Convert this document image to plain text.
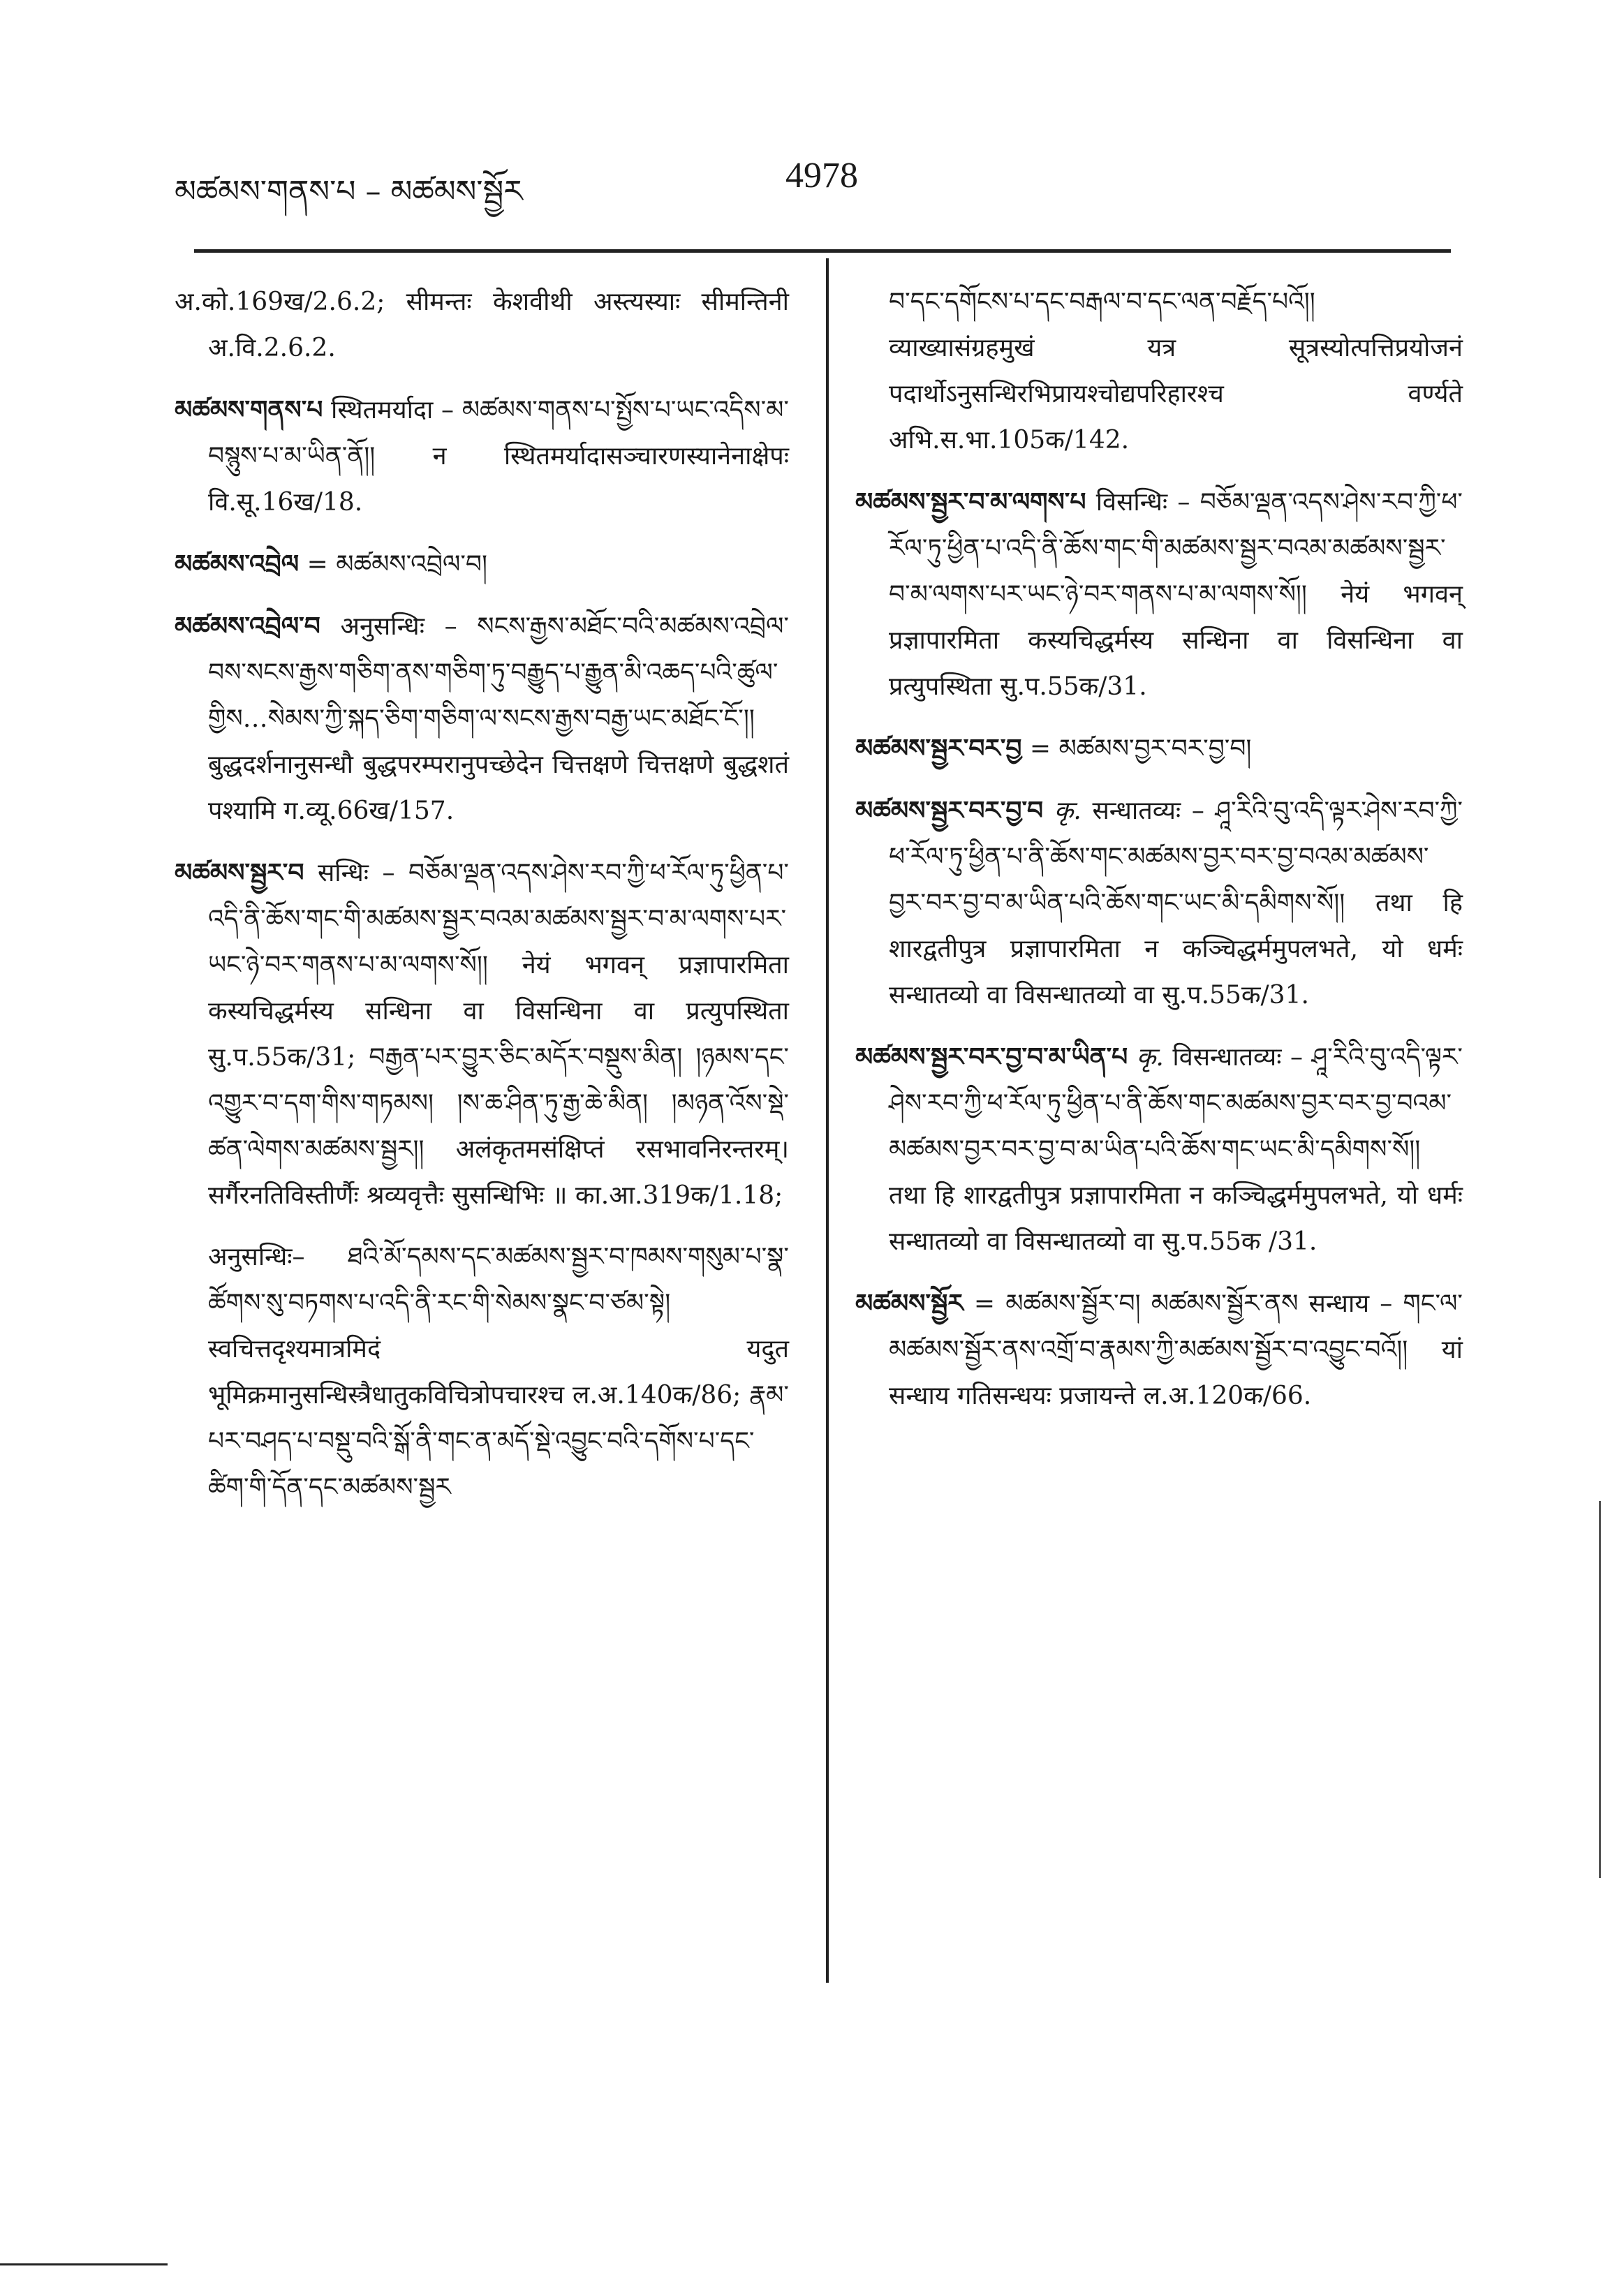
མཚམས་གནས་པ – མཚམས་སྦྱོར	4978

अ.को.169ख/2.6.2; सीमन्तः केशवीथी अस्त्यस्याः सीमन्तिनी अ.वि.2.6.2.

མཚམས་གནས་པ स्थितमर्यादा – མཚམས་གནས་པ་སྤྱོས་པ་ཡང་འདིས་མ་བསྙུས་པ་མ་ཡིན་ནོ།། न स्थितमर्यादासञ्चारणस्यानेनाक्षेपः वि.सू.16ख/18.

མཚམས་འབྲེལ = མཚམས་འབྲེལ་བ།

མཚམས་འབྲེལ་བ अनुसन्धिः – སངས་རྒྱས་མཐོང་བའི་མཚམས་འབྲེལ་བས་སངས་རྒྱས་གཅིག་ནས་གཅིག་ཏུ་བརྒྱུད་པ་རྒྱུན་མི་འཆད་པའི་ཚུལ་གྱིས…སེམས་ཀྱི་སྐད་ཅིག་གཅིག་ལ་སངས་རྒྱས་བརྒྱ་ཡང་མཐོང་ངོ་།། बुद्धदर्शनानुसन्धौ बुद्धपरम्परानुपच्छेदेन चित्तक्षणे चित्तक्षणे बुद्धशतं पश्यामि ग.व्यू.66ख/157.

མཚམས་སྦྱར་བ सन्धिः – བཅོམ་ལྡན་འདས་ཤེས་རབ་ཀྱི་ཕ་རོལ་ཏུ་ཕྱིན་པ་འདི་ནི་ཆོས་གང་གི་མཚམས་སྦྱར་བའམ་མཚམས་སྦྱར་བ་མ་ལགས་པར་ཡང་ཉེ་བར་གནས་པ་མ་ལགས་སོ།། नेयं भगवन् प्रज्ञापारमिता कस्यचिद्धर्मस्य सन्धिना वा विसन्धिना वा प्रत्युपस्थिता सु.प.55क/31; བརྒྱན་པར་བྱུར་ཅིང་མདོར་བསྡུས་མིན། །ཉམས་དང་འགྱུར་བ་དག་གིས་གཏམས། །ས་ཆ་ཤིན་ཏུ་རྒྱ་ཆེ་མིན། །མཉན་འོས་སྡེ་ཚན་ལེགས་མཚམས་སྦྱར།། अलंकृतमसंक्षिप्तं रसभावनिरन्तरम्। सर्गैरनतिविस्तीर्णैः श्रव्यवृत्तैः सुसन्धिभिः ॥ का.आ.319क/1.18;

अनुसन्धिः– ཐའི་མོ་དམས་དང་མཚམས་སྦྱར་བ་ཁམས་གསུམ་པ་སྣ་ཚོགས་སུ་བཏགས་པ་འདི་ནི་རང་གི་སེམས་སྣང་བ་ཙམ་སྟེ། स्वचित्तदृश्यमात्रमिदं यदुत भूमिक्रमानुसन्धिस्त्रैधातुकविचित्रोपचारश्च ल.अ.140क/86; རྣམ་པར་བཤད་པ་བསྡུ་བའི་སྒོ་ནི་གང་ན་མདོ་སྡེ་འབྱུང་བའི་དགོས་པ་དང་ཚིག་གི་དོན་དང་མཚམས་སྦྱར

བ་དང་དགོངས་པ་དང་བརྒལ་བ་དང་ལན་བརྗོད་པའོ།། व्याख्यासंग्रहमुखं यत्र सूत्रस्योत्पत्तिप्रयोजनं पदार्थोऽनुसन्धिरभिप्रायश्चोद्यपरिहारश्च वर्ण्यते अभि.स.भा.105क/142.

མཚམས་སྦྱར་བ་མ་ལགས་པ विसन्धिः – བཅོམ་ལྡན་འདས་ཤེས་རབ་ཀྱི་ཕ་རོལ་ཏུ་ཕྱིན་པ་འདི་ནི་ཆོས་གང་གི་མཚམས་སྦྱར་བའམ་མཚམས་སྦྱར་བ་མ་ལགས་པར་ཡང་ཉེ་བར་གནས་པ་མ་ལགས་སོ།། नेयं भगवन् प्रज्ञापारमिता कस्यचिद्धर्मस्य सन्धिना वा विसन्धिना वा प्रत्युपस्थिता सु.प.55क/31.

མཚམས་སྦྱར་བར་བྱ = མཚམས་བྱར་བར་བྱ་བ།

མཚམས་སྦྱར་བར་བྱ་བ कृ. सन्धातव्यः – ཤཱ་རིའི་བུ་འདི་ལྟར་ཤེས་རབ་ཀྱི་ཕ་རོལ་ཏུ་ཕྱིན་པ་ནི་ཆོས་གང་མཚམས་བྱར་བར་བྱ་བའམ་མཚམས་བྱར་བར་བྱ་བ་མ་ཡིན་པའི་ཆོས་གང་ཡང་མི་དམིགས་སོ།། तथा हि शारद्वतीपुत्र प्रज्ञापारमिता न कञ्चिद्धर्ममुपलभते, यो धर्मः सन्धातव्यो वा विसन्धातव्यो वा सु.प.55क/31.

མཚམས་སྦྱར་བར་བྱ་བ་མ་ཡིན་པ कृ. विसन्धातव्यः – ཤཱ་རིའི་བུ་འདི་ལྟར་ཤེས་རབ་ཀྱི་ཕ་རོལ་ཏུ་ཕྱིན་པ་ནི་ཆོས་གང་མཚམས་བྱར་བར་བྱ་བའམ་མཚམས་བྱར་བར་བྱ་བ་མ་ཡིན་པའི་ཆོས་གང་ཡང་མི་དམིགས་སོ།། तथा हि शारद्वतीपुत्र प्रज्ञापारमिता न कञ्चिद्धर्ममुपलभते, यो धर्मः सन्धातव्यो वा विसन्धातव्यो वा सु.प.55क /31.

མཚམས་སྦྱོར = མཚམས་སྦྱོར་བ། མཚམས་སྦྱོར་ནས सन्धाय – གང་ལ་མཚམས་སྦྱོར་ནས་འགྲོ་བ་རྣམས་ཀྱི་མཚམས་སྦྱོར་བ་འབྱུང་བའོ།། यां सन्धाय गतिसन्धयः प्रजायन्ते ल.अ.120क/66.
